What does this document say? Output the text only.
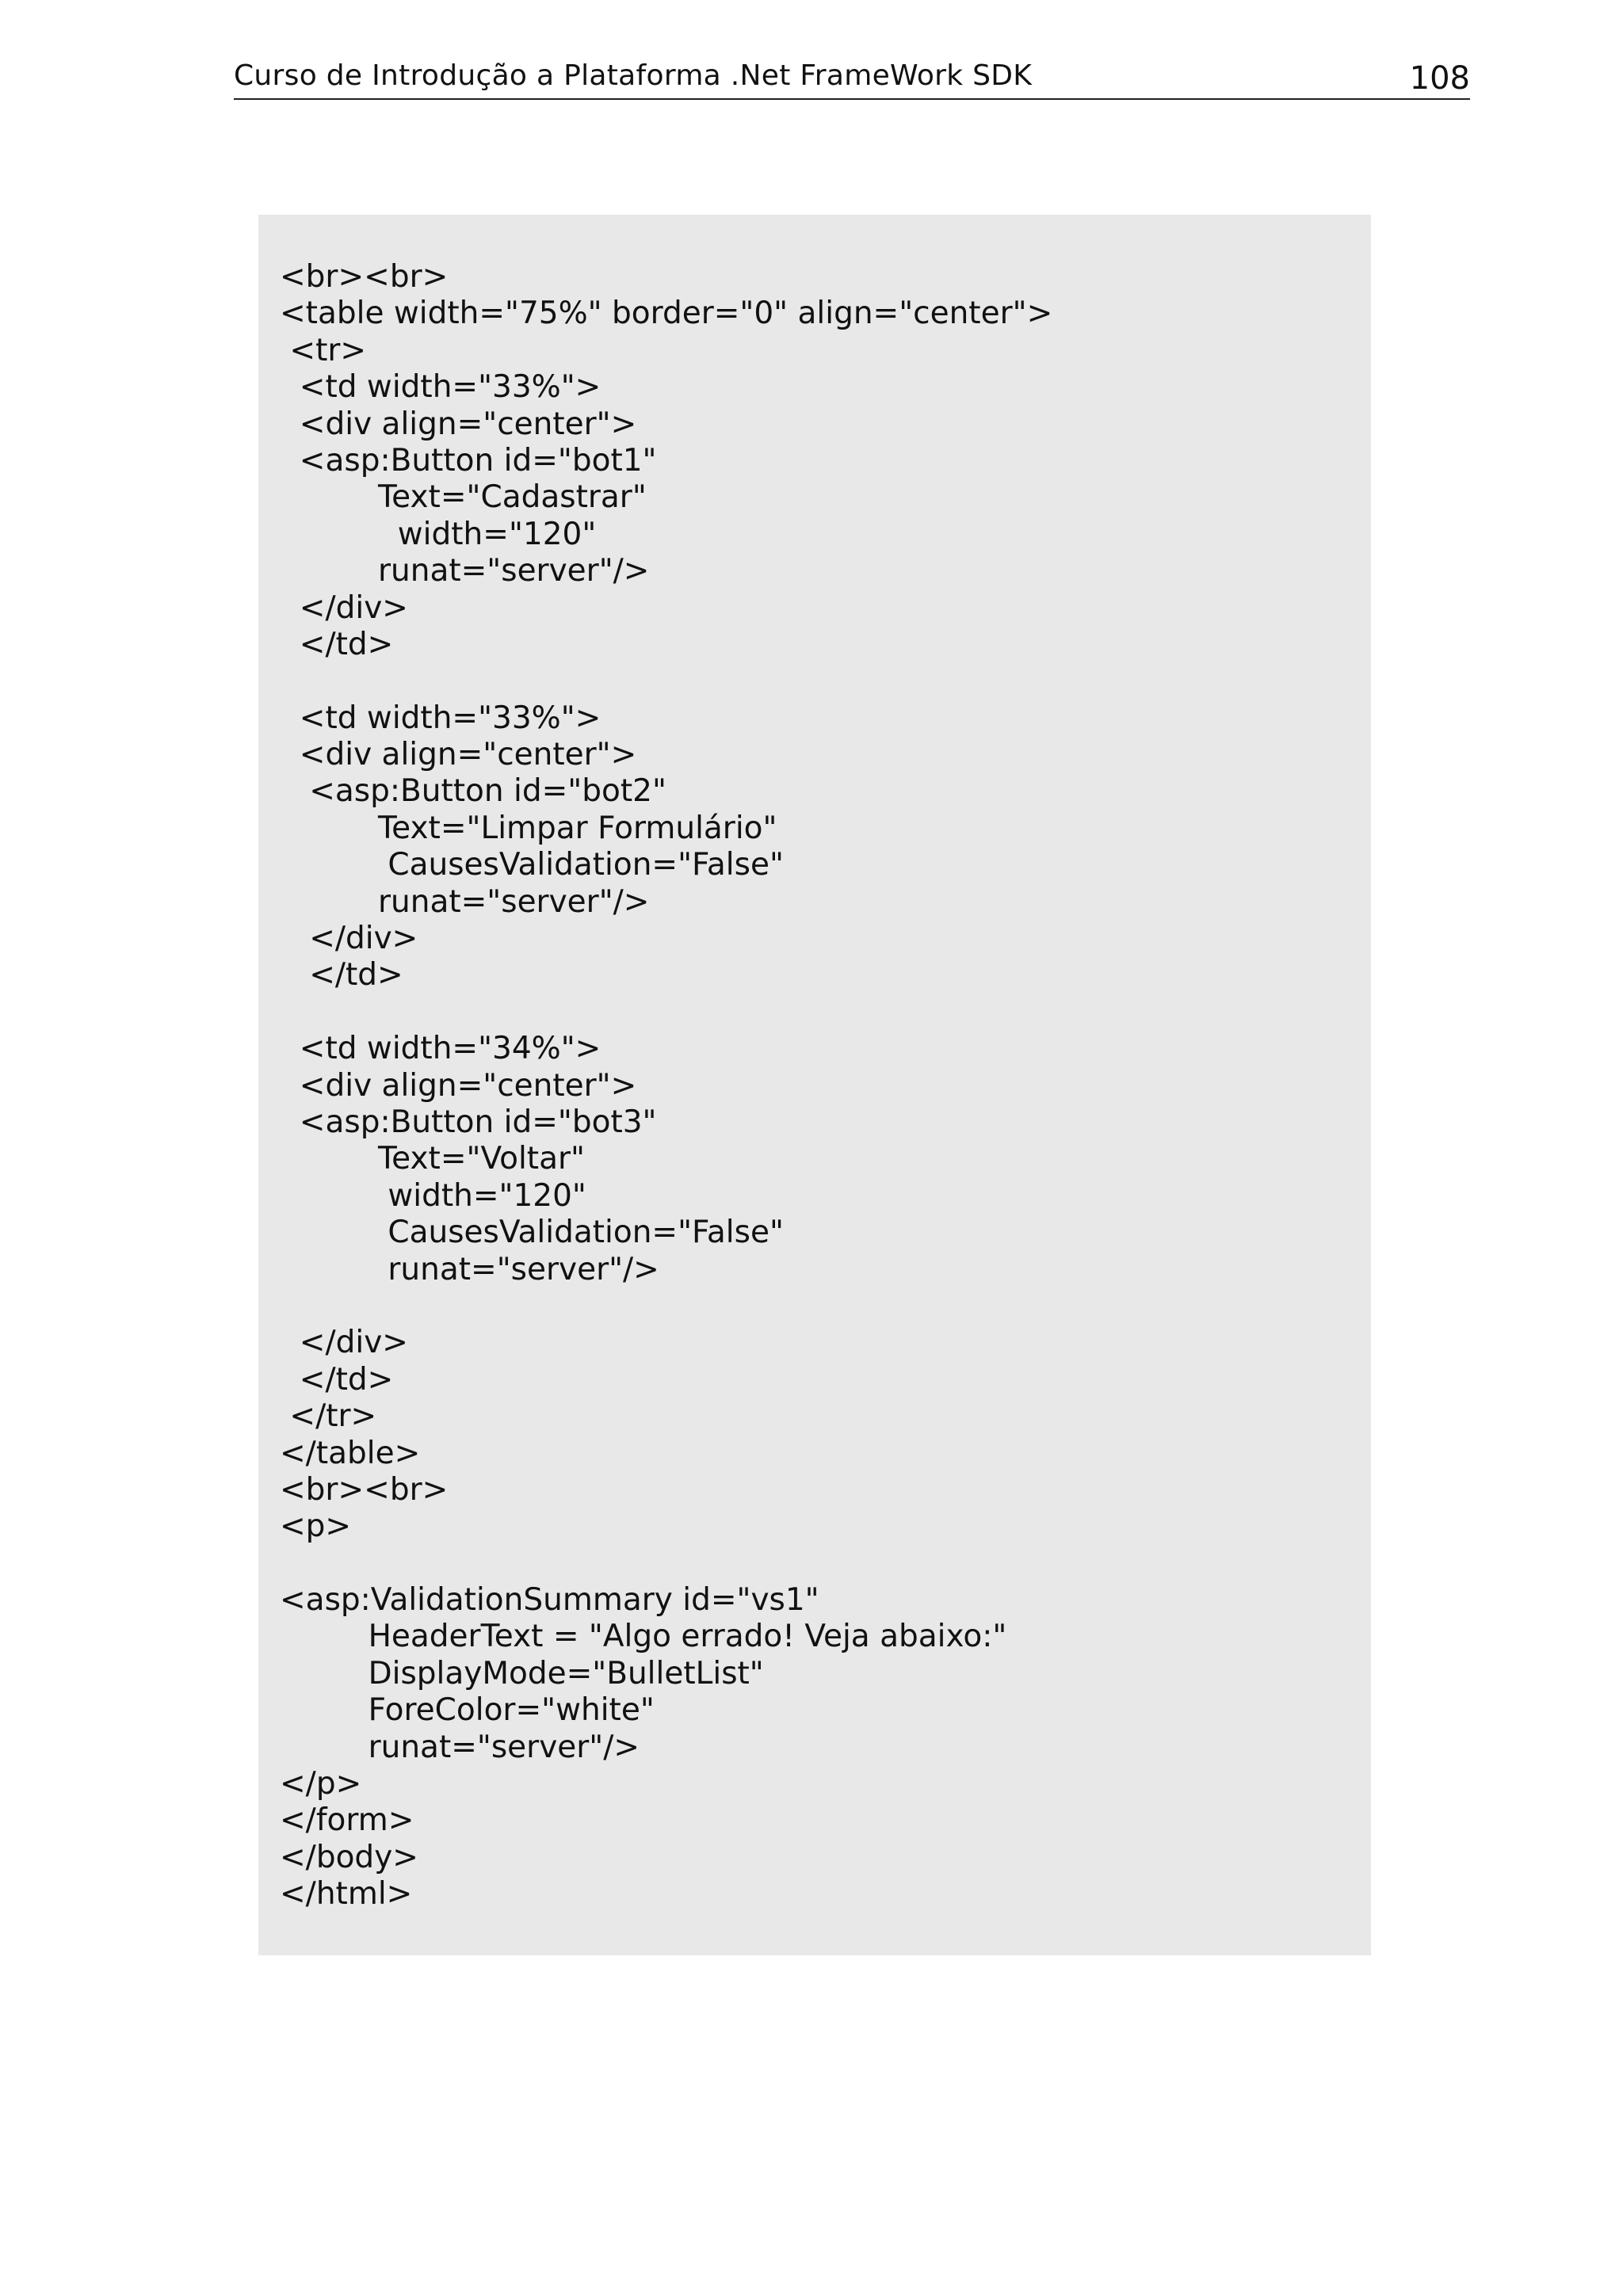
Curso de Introdução a Plataforma .Net FrameWork SDK	108
<br><br>
<table width="75%" border="0" align="center">
<tr>
<td width="33%">
<div align="center">
<asp:Button id="bot1"
Text="Cadastrar"
width="120"
runat="server"/>
</div>
</td>
<td width="33%">
<div align="center">
<asp:Button id="bot2"
Text="Limpar Formulário"
CausesValidation="False"
runat="server"/>
</div>
</td>
<td width="34%">
<div align="center">
<asp:Button id="bot3"
Text="Voltar"
width="120"
CausesValidation="False"
runat="server"/>
</div>
</td>
</tr>
</table>
<br><br>
<p>
<asp:ValidationSummary id="vs1"
HeaderText = "Algo errado! Veja abaixo:"
DisplayMode="BulletList"
ForeColor="white"
runat="server"/>
</p>
</form>
</body>
</html>
